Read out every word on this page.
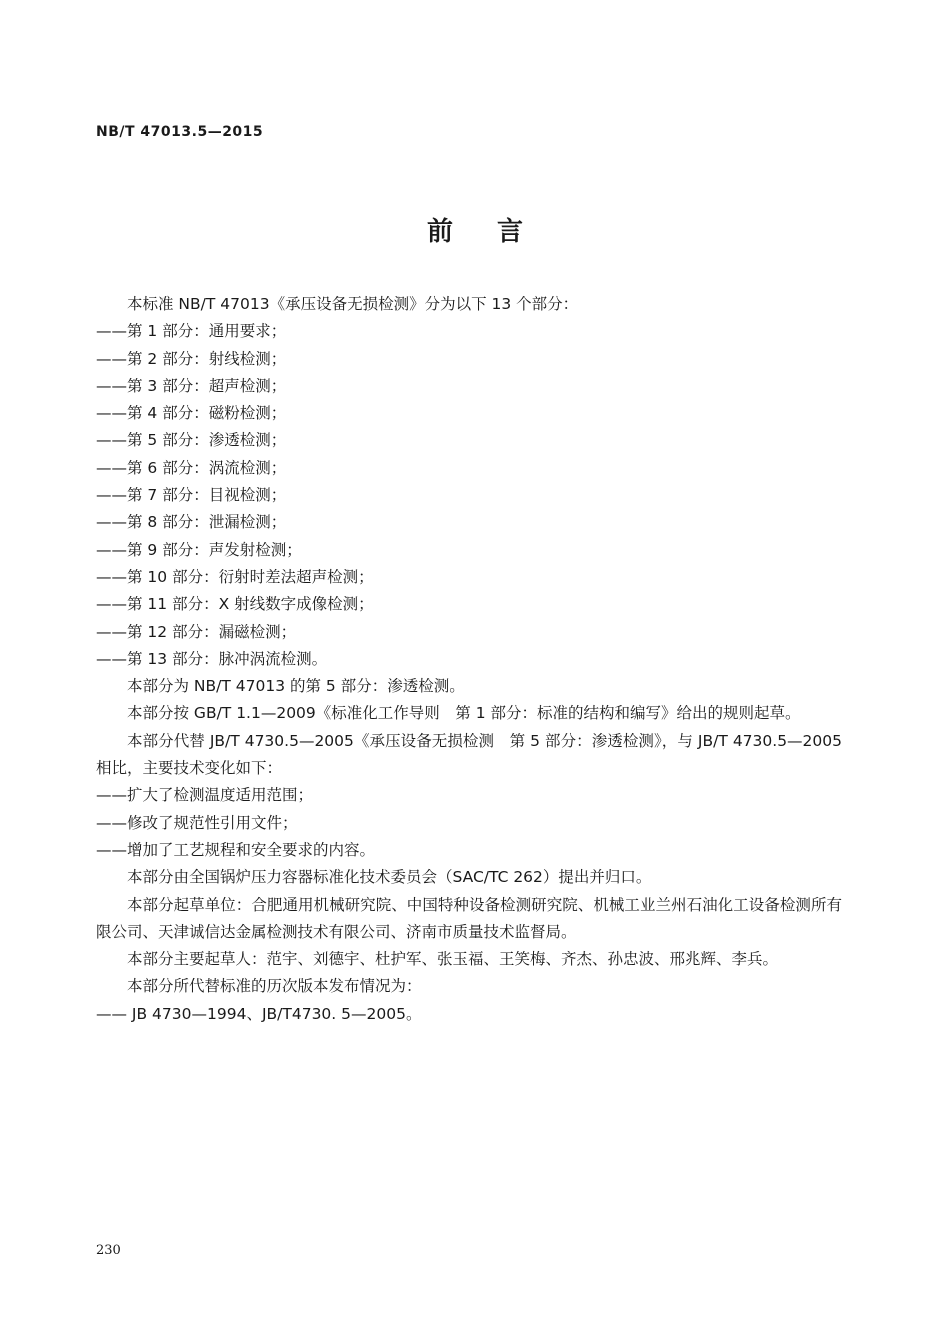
NB/T 47013.5—2015
前 言

本标准 NB/T 47013《承压设备无损检测》分为以下 13 个部分：

——第 1 部分：通用要求；

——第 2 部分：射线检测；

——第 3 部分：超声检测；

——第 4 部分：磁粉检测；

——第 5 部分：渗透检测；

——第 6 部分：涡流检测；

——第 7 部分：目视检测；

——第 8 部分：泄漏检测；

——第 9 部分：声发射检测；

——第 10 部分：衍射时差法超声检测；

——第 11 部分：X 射线数字成像检测；

——第 12 部分：漏磁检测；

——第 13 部分：脉冲涡流检测。

本部分为 NB/T 47013 的第 5 部分：渗透检测。

本部分按 GB/T 1.1—2009《标准化工作导则　第 1 部分：标准的结构和编写》给出的规则起草。

本部分代替 JB/T 4730.5—2005《承压设备无损检测　第 5 部分：渗透检测》，与 JB/T 4730.5—2005 相比，主要技术变化如下：

——扩大了检测温度适用范围；

——修改了规范性引用文件；

——增加了工艺规程和安全要求的内容。

本部分由全国锅炉压力容器标准化技术委员会（SAC/TC 262）提出并归口。

本部分起草单位：合肥通用机械研究院、中国特种设备检测研究院、机械工业兰州石油化工设备检测所有限公司、天津诚信达金属检测技术有限公司、济南市质量技术监督局。

本部分主要起草人：范宇、刘德宇、杜护军、张玉福、王笑梅、齐杰、孙忠波、邢兆辉、李兵。

本部分所代替标准的历次版本发布情况为：

—— JB 4730—1994、JB/T4730. 5—2005。

230
